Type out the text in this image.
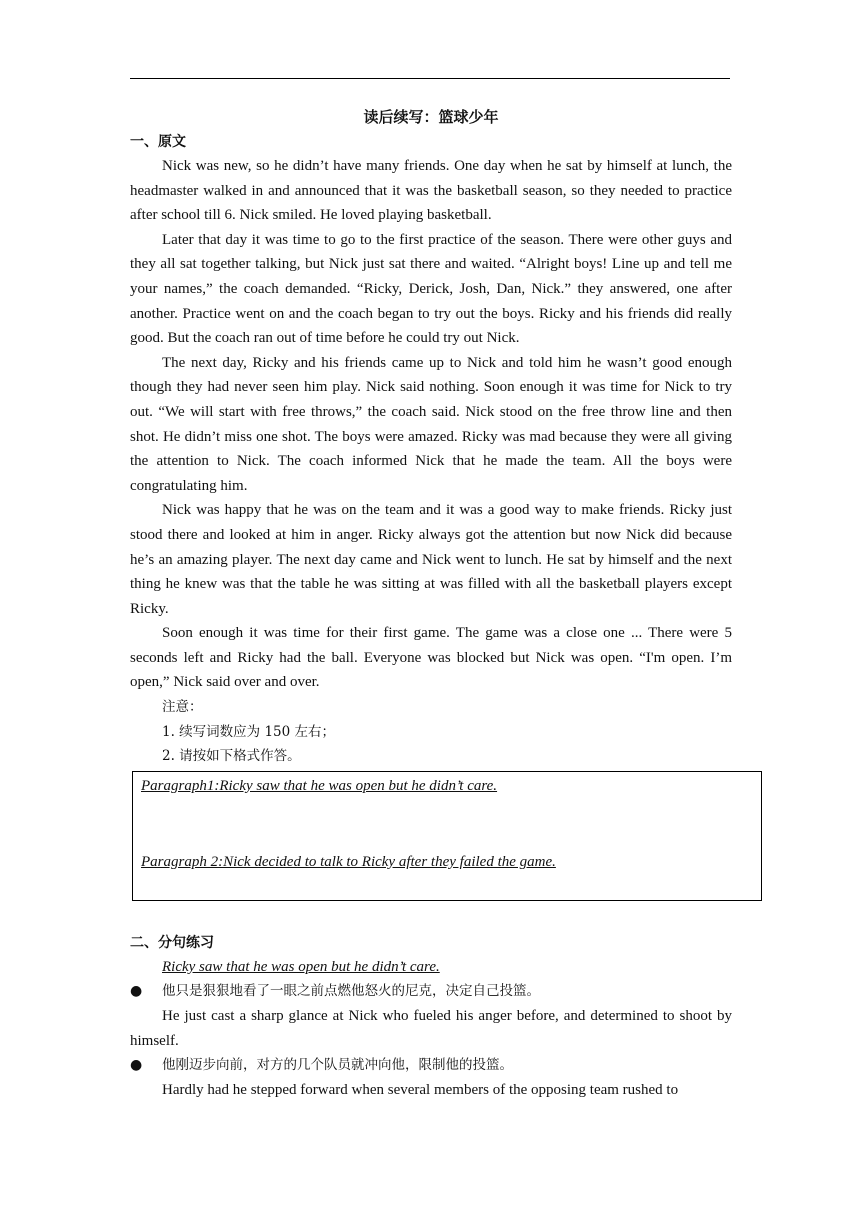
读后续写：篮球少年

一、原文

Nick was new, so he didn’t have many friends. One day when he sat by himself at lunch, the headmaster walked in and announced that it was the basketball season, so they needed to practice after school till 6. Nick smiled. He loved playing basketball.

Later that day it was time to go to the first practice of the season. There were other guys and they all sat together talking, but Nick just sat there and waited. “Alright boys! Line up and tell me your names,” the coach demanded. “Ricky, Derick, Josh, Dan, Nick.” they answered, one after another. Practice went on and the coach began to try out the boys. Ricky and his friends did really good. But the coach ran out of time before he could try out Nick.

The next day, Ricky and his friends came up to Nick and told him he wasn’t good enough though they had never seen him play. Nick said nothing. Soon enough it was time for Nick to try out. “We will start with free throws,” the coach said. Nick stood on the free throw line and then shot. He didn’t miss one shot. The boys were amazed. Ricky was mad because they were all giving the attention to Nick. The coach informed Nick that he made the team. All the boys were congratulating him.

Nick was happy that he was on the team and it was a good way to make friends. Ricky just stood there and looked at him in anger. Ricky always got the attention but now Nick did because he’s an amazing player. The next day came and Nick went to lunch. He sat by himself and the next thing he knew was that the table he was sitting at was filled with all the basketball players except Ricky.

Soon enough it was time for their first game. The game was a close one ... There were 5 seconds left and Ricky had the ball. Everyone was blocked but Nick was open. “I'm open. I’m open,” Nick said over and over.

注意：

1. 续写词数应为 150 左右；

2. 请按如下格式作答。

Paragraph1:Ricky saw that he was open but he didn’t care.
Paragraph 2:Nick decided to talk to Ricky after they failed the game.

二、分句练习

Ricky saw that he was open but he didn’t care.

● 他只是狠狠地看了一眼之前点燃他怒火的尼克，决定自己投篮。

He just cast a sharp glance at Nick who fueled his anger before, and determined to shoot by himself.

● 他刚迈步向前，对方的几个队员就冲向他，限制他的投篮。

Hardly had he stepped forward when several members of the opposing team rushed to
